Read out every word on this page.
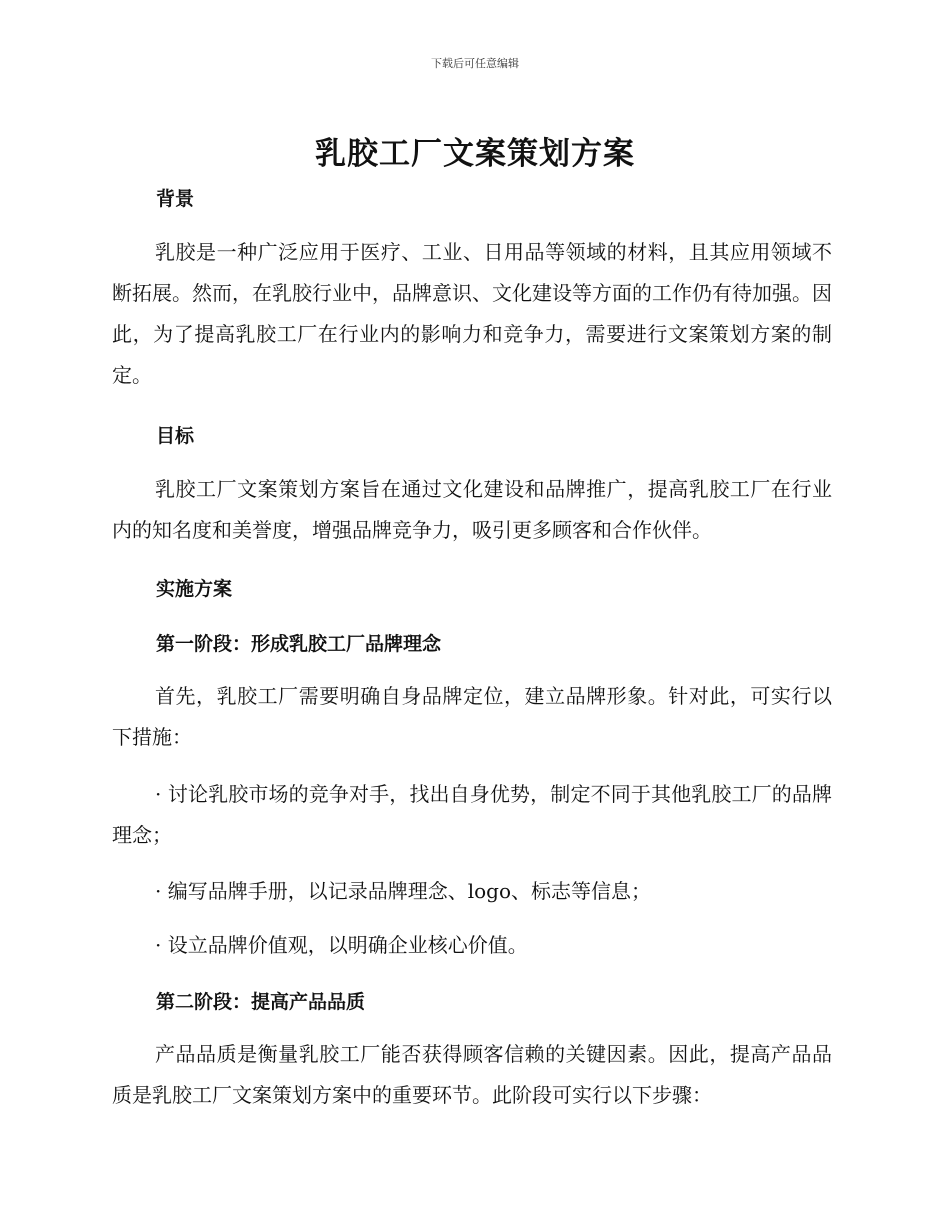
下载后可任意编辑
乳胶工厂文案策划方案
背景

乳胶是一种广泛应用于医疗、工业、日用品等领域的材料，且其应用领域不断拓展。然而，在乳胶行业中，品牌意识、文化建设等方面的工作仍有待加强。因此，为了提高乳胶工厂在行业内的影响力和竞争力，需要进行文案策划方案的制定。

目标

乳胶工厂文案策划方案旨在通过文化建设和品牌推广，提高乳胶工厂在行业内的知名度和美誉度，增强品牌竞争力，吸引更多顾客和合作伙伴。

实施方案
第一阶段：形成乳胶工厂品牌理念

首先，乳胶工厂需要明确自身品牌定位，建立品牌形象。针对此，可实行以下措施：

· 讨论乳胶市场的竞争对手，找出自身优势，制定不同于其他乳胶工厂的品牌理念；

· 编写品牌手册，以记录品牌理念、logo、标志等信息；

· 设立品牌价值观，以明确企业核心价值。

第二阶段：提高产品品质

产品品质是衡量乳胶工厂能否获得顾客信赖的关键因素。因此，提高产品品质是乳胶工厂文案策划方案中的重要环节。此阶段可实行以下步骤：
